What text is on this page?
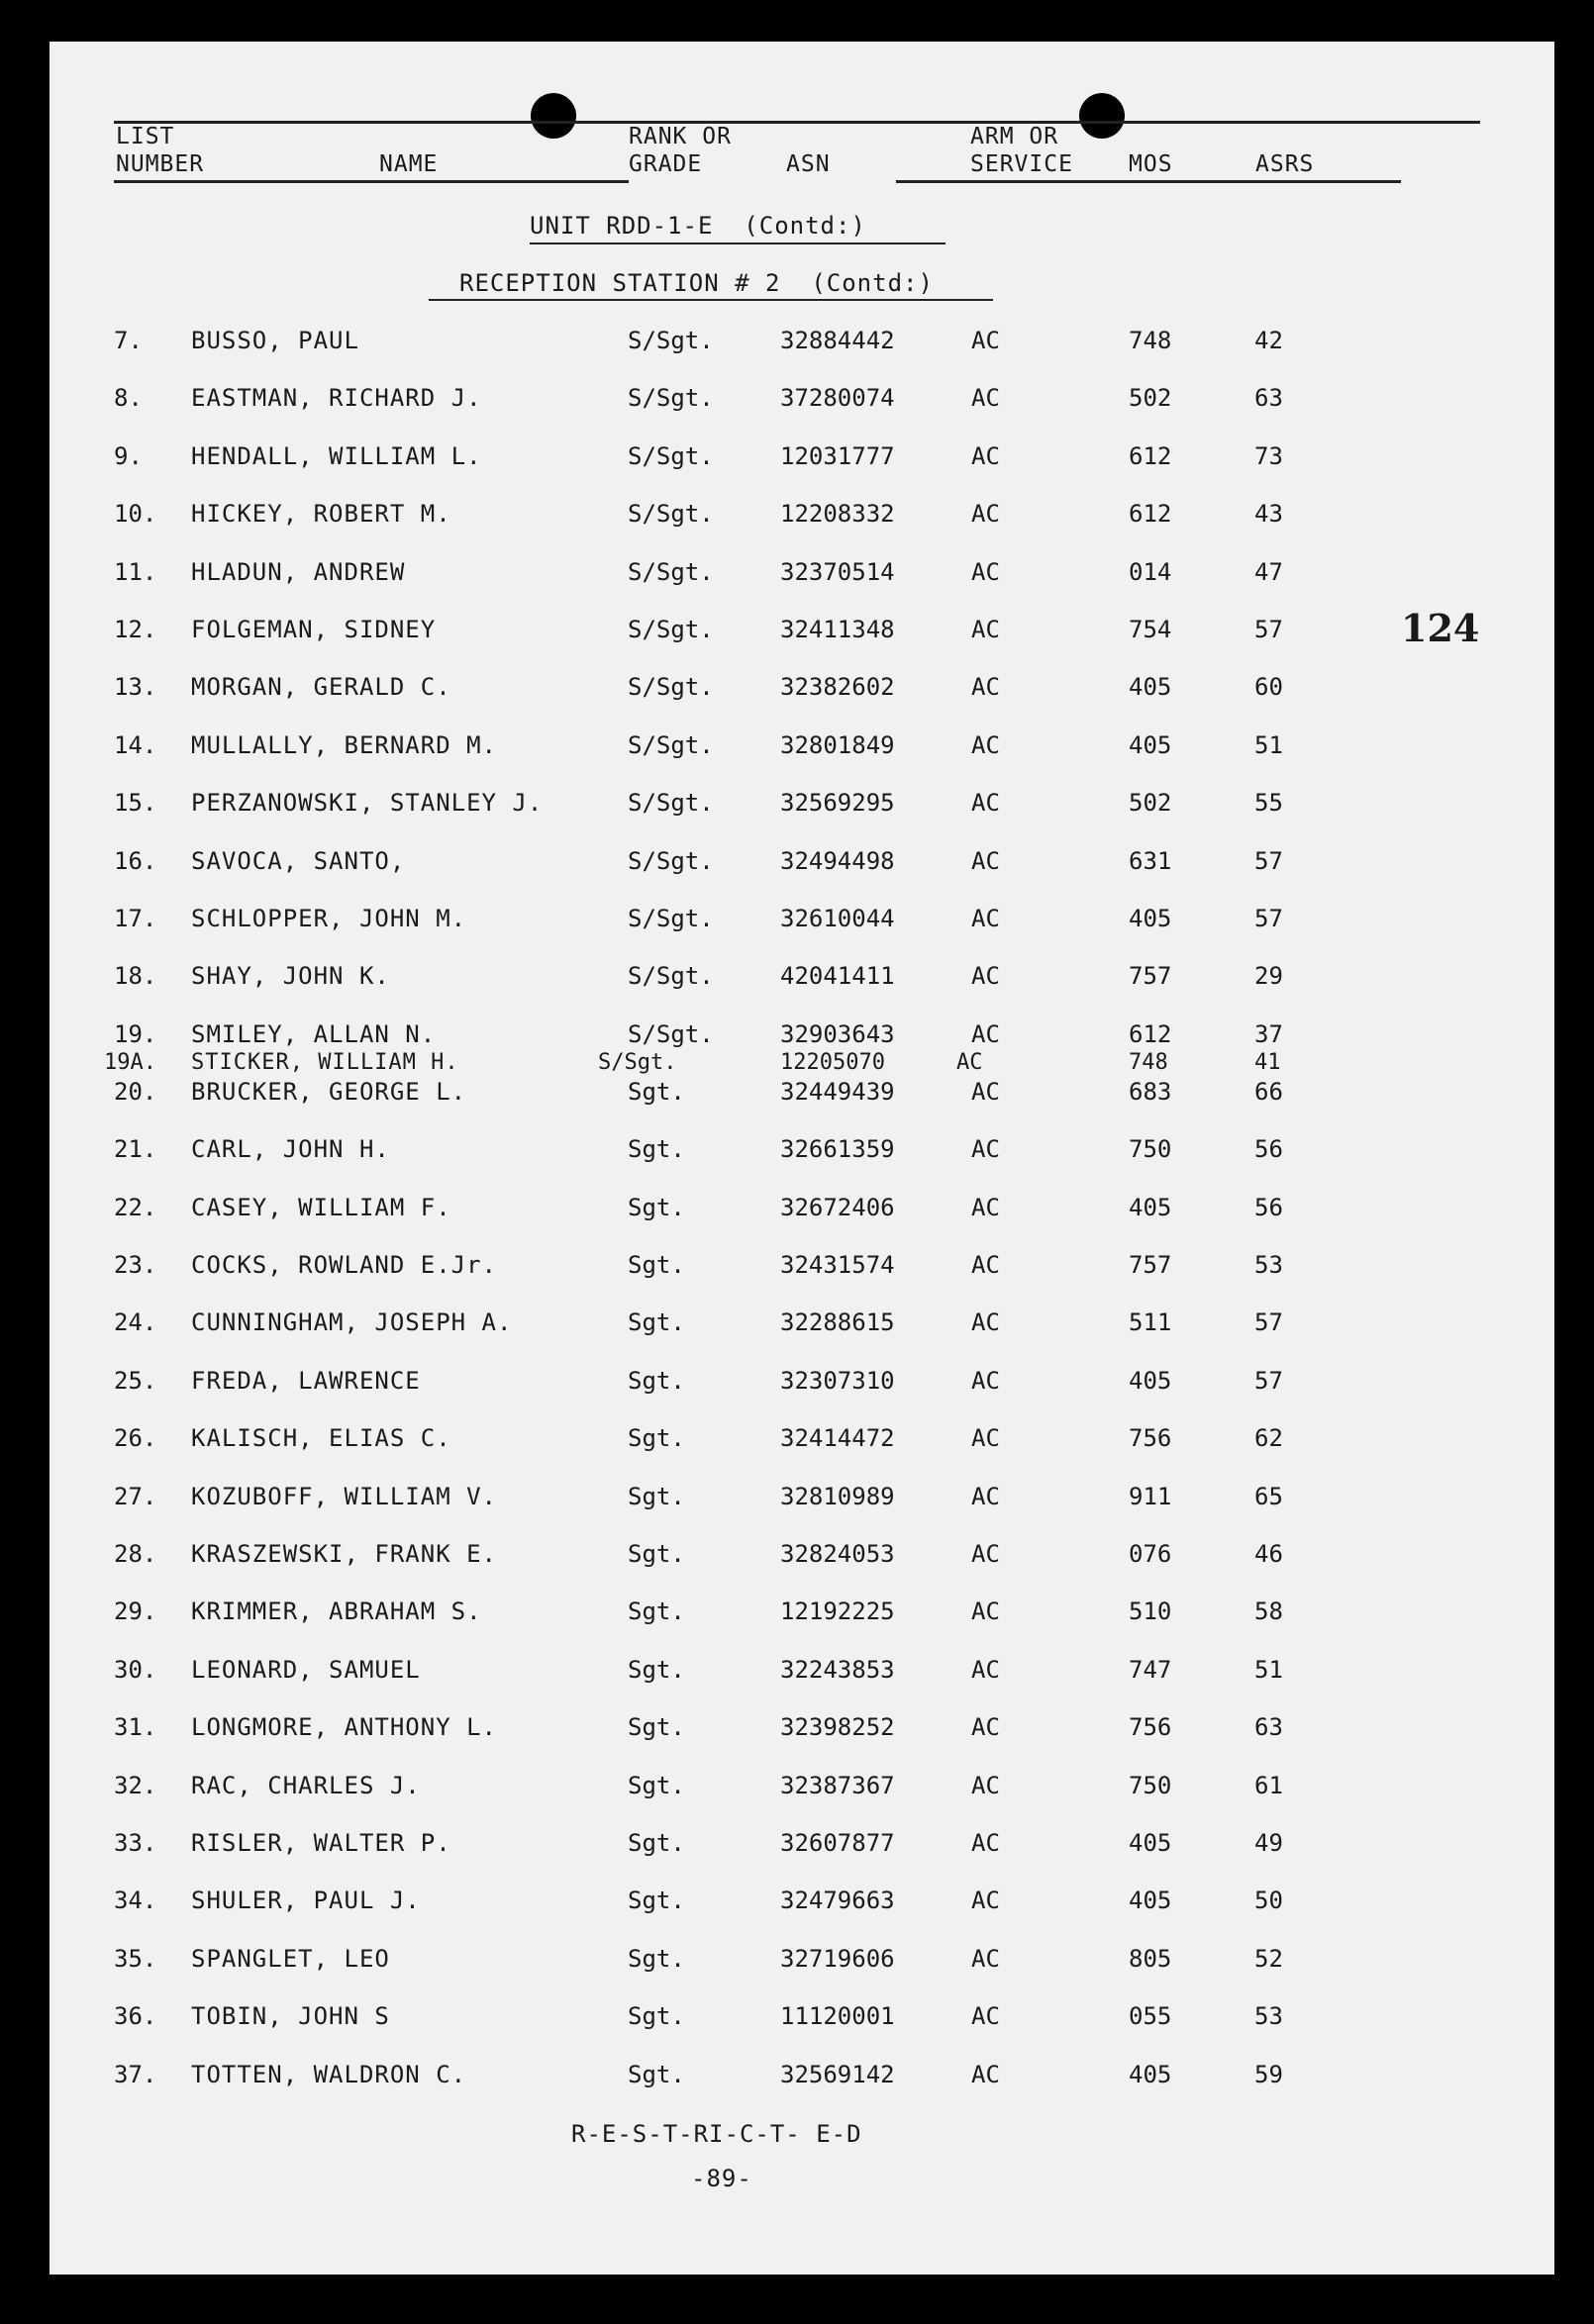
LIST
NUMBER	NAME
RANK OR
GRADE	ASN
ARM OR
SERVICE MOS	ASRS
UNIT RDD-1-E  (Contd:)
RECEPTION STATION # 2  (Contd:)
124
7. BUSSO, PAUL	S/Sgt.	32884442	AC	748	42
8. EASTMAN, RICHARD J.	S/Sgt.	37280074	AC	502	63
9. HENDALL, WILLIAM L.	S/Sgt.	12031777	AC	612	73
10. HICKEY, ROBERT M.	S/Sgt.	12208332	AC	612	43
11. HLADUN, ANDREW	S/Sgt.	32370514	AC	014	47
12. FOLGEMAN, SIDNEY	S/Sgt.	32411348	AC	754	57
13. MORGAN, GERALD C.	S/Sgt.	32382602	AC	405	60
14. MULLALLY, BERNARD M.	S/Sgt.	32801849	AC	405	51
15. PERZANOWSKI, STANLEY J.	S/Sgt.	32569295	AC	502	55
16. SAVOCA, SANTO,	S/Sgt.	32494498	AC	631	57
17. SCHLOPPER, JOHN M.	S/Sgt.	32610044	AC	405	57
18. SHAY, JOHN K.	S/Sgt.	42041411	AC	757	29
19. SMILEY, ALLAN N.	S/Sgt.	32903643	AC	612	37
19A. STICKER, WILLIAM H.	S/Sgt.	12205070	AC	748	41
20. BRUCKER, GEORGE L.	Sgt.	32449439	AC	683	66
21. CARL, JOHN H.	Sgt.	32661359	AC	750	56
22. CASEY, WILLIAM F.	Sgt.	32672406	AC	405	56
23. COCKS, ROWLAND E.Jr.	Sgt.	32431574	AC	757	53
24. CUNNINGHAM, JOSEPH A.	Sgt.	32288615	AC	511	57
25. FREDA, LAWRENCE	Sgt.	32307310	AC	405	57
26. KALISCH, ELIAS C.	Sgt.	32414472	AC	756	62
27. KOZUBOFF, WILLIAM V.	Sgt.	32810989	AC	911	65
28. KRASZEWSKI, FRANK E.	Sgt.	32824053	AC	076	46
29. KRIMMER, ABRAHAM S.	Sgt.	12192225	AC	510	58
30. LEONARD, SAMUEL	Sgt.	32243853	AC	747	51
31. LONGMORE, ANTHONY L.	Sgt.	32398252	AC	756	63
32. RAC, CHARLES J.	Sgt.	32387367	AC	750	61
33. RISLER, WALTER P.	Sgt.	32607877	AC	405	49
34. SHULER, PAUL J.	Sgt.	32479663	AC	405	50
35. SPANGLET, LEO	Sgt.	32719606	AC	805	52
36. TOBIN, JOHN S	Sgt.	11120001	AC	055	53
37. TOTTEN, WALDRON C.	Sgt.	32569142	AC	405	59
R-E-S-T-RI-C-T- E-D
-89-
